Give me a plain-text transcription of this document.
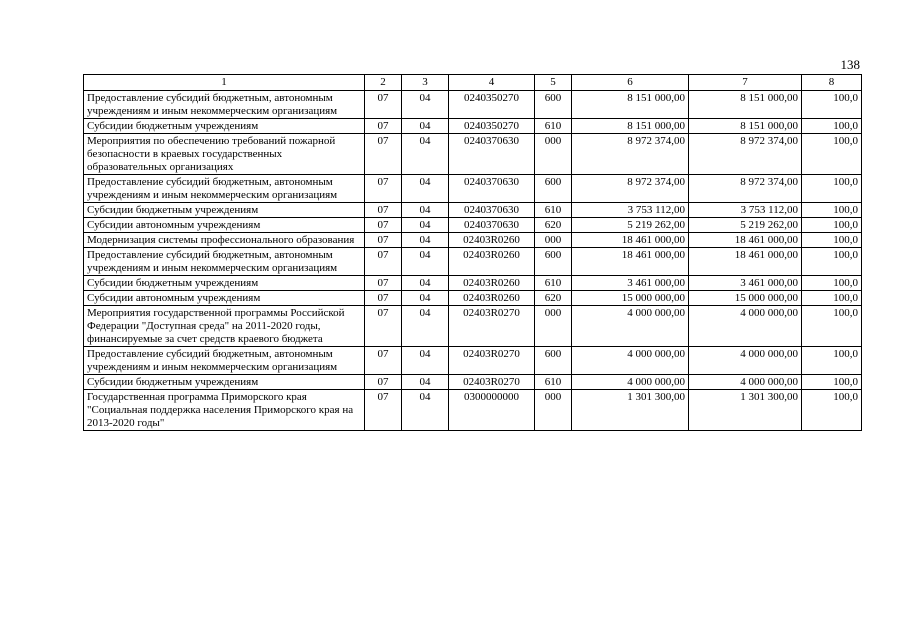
138
1	2	3	4	5	6	7	8
Предоставление субсидий бюджетным, автономным учреждениям и иным некоммерческим организациям	07	04	0240350270	600	8 151 000,00	8 151 000,00	100,0
Субсидии бюджетным учреждениям	07	04	0240350270	610	8 151 000,00	8 151 000,00	100,0
Мероприятия по обеспечению требований пожарной безопасности в краевых государственных образовательных организациях	07	04	0240370630	000	8 972 374,00	8 972 374,00	100,0
Предоставление субсидий бюджетным, автономным учреждениям и иным некоммерческим организациям	07	04	0240370630	600	8 972 374,00	8 972 374,00	100,0
Субсидии бюджетным учреждениям	07	04	0240370630	610	3 753 112,00	3 753 112,00	100,0
Субсидии автономным учреждениям	07	04	0240370630	620	5 219 262,00	5 219 262,00	100,0
Модернизация системы профессионального образования	07	04	02403R0260	000	18 461 000,00	18 461 000,00	100,0
Предоставление субсидий бюджетным, автономным учреждениям и иным некоммерческим организациям	07	04	02403R0260	600	18 461 000,00	18 461 000,00	100,0
Субсидии бюджетным учреждениям	07	04	02403R0260	610	3 461 000,00	3 461 000,00	100,0
Субсидии автономным учреждениям	07	04	02403R0260	620	15 000 000,00	15 000 000,00	100,0
Мероприятия государственной программы Российской Федерации "Доступная среда" на 2011-2020 годы, финансируемые за счет средств краевого бюджета	07	04	02403R0270	000	4 000 000,00	4 000 000,00	100,0
Предоставление субсидий бюджетным, автономным учреждениям и иным некоммерческим организациям	07	04	02403R0270	600	4 000 000,00	4 000 000,00	100,0
Субсидии бюджетным учреждениям	07	04	02403R0270	610	4 000 000,00	4 000 000,00	100,0
Государственная программа Приморского края "Социальная поддержка населения Приморского края на 2013-2020 годы"	07	04	0300000000	000	1 301 300,00	1 301 300,00	100,0
